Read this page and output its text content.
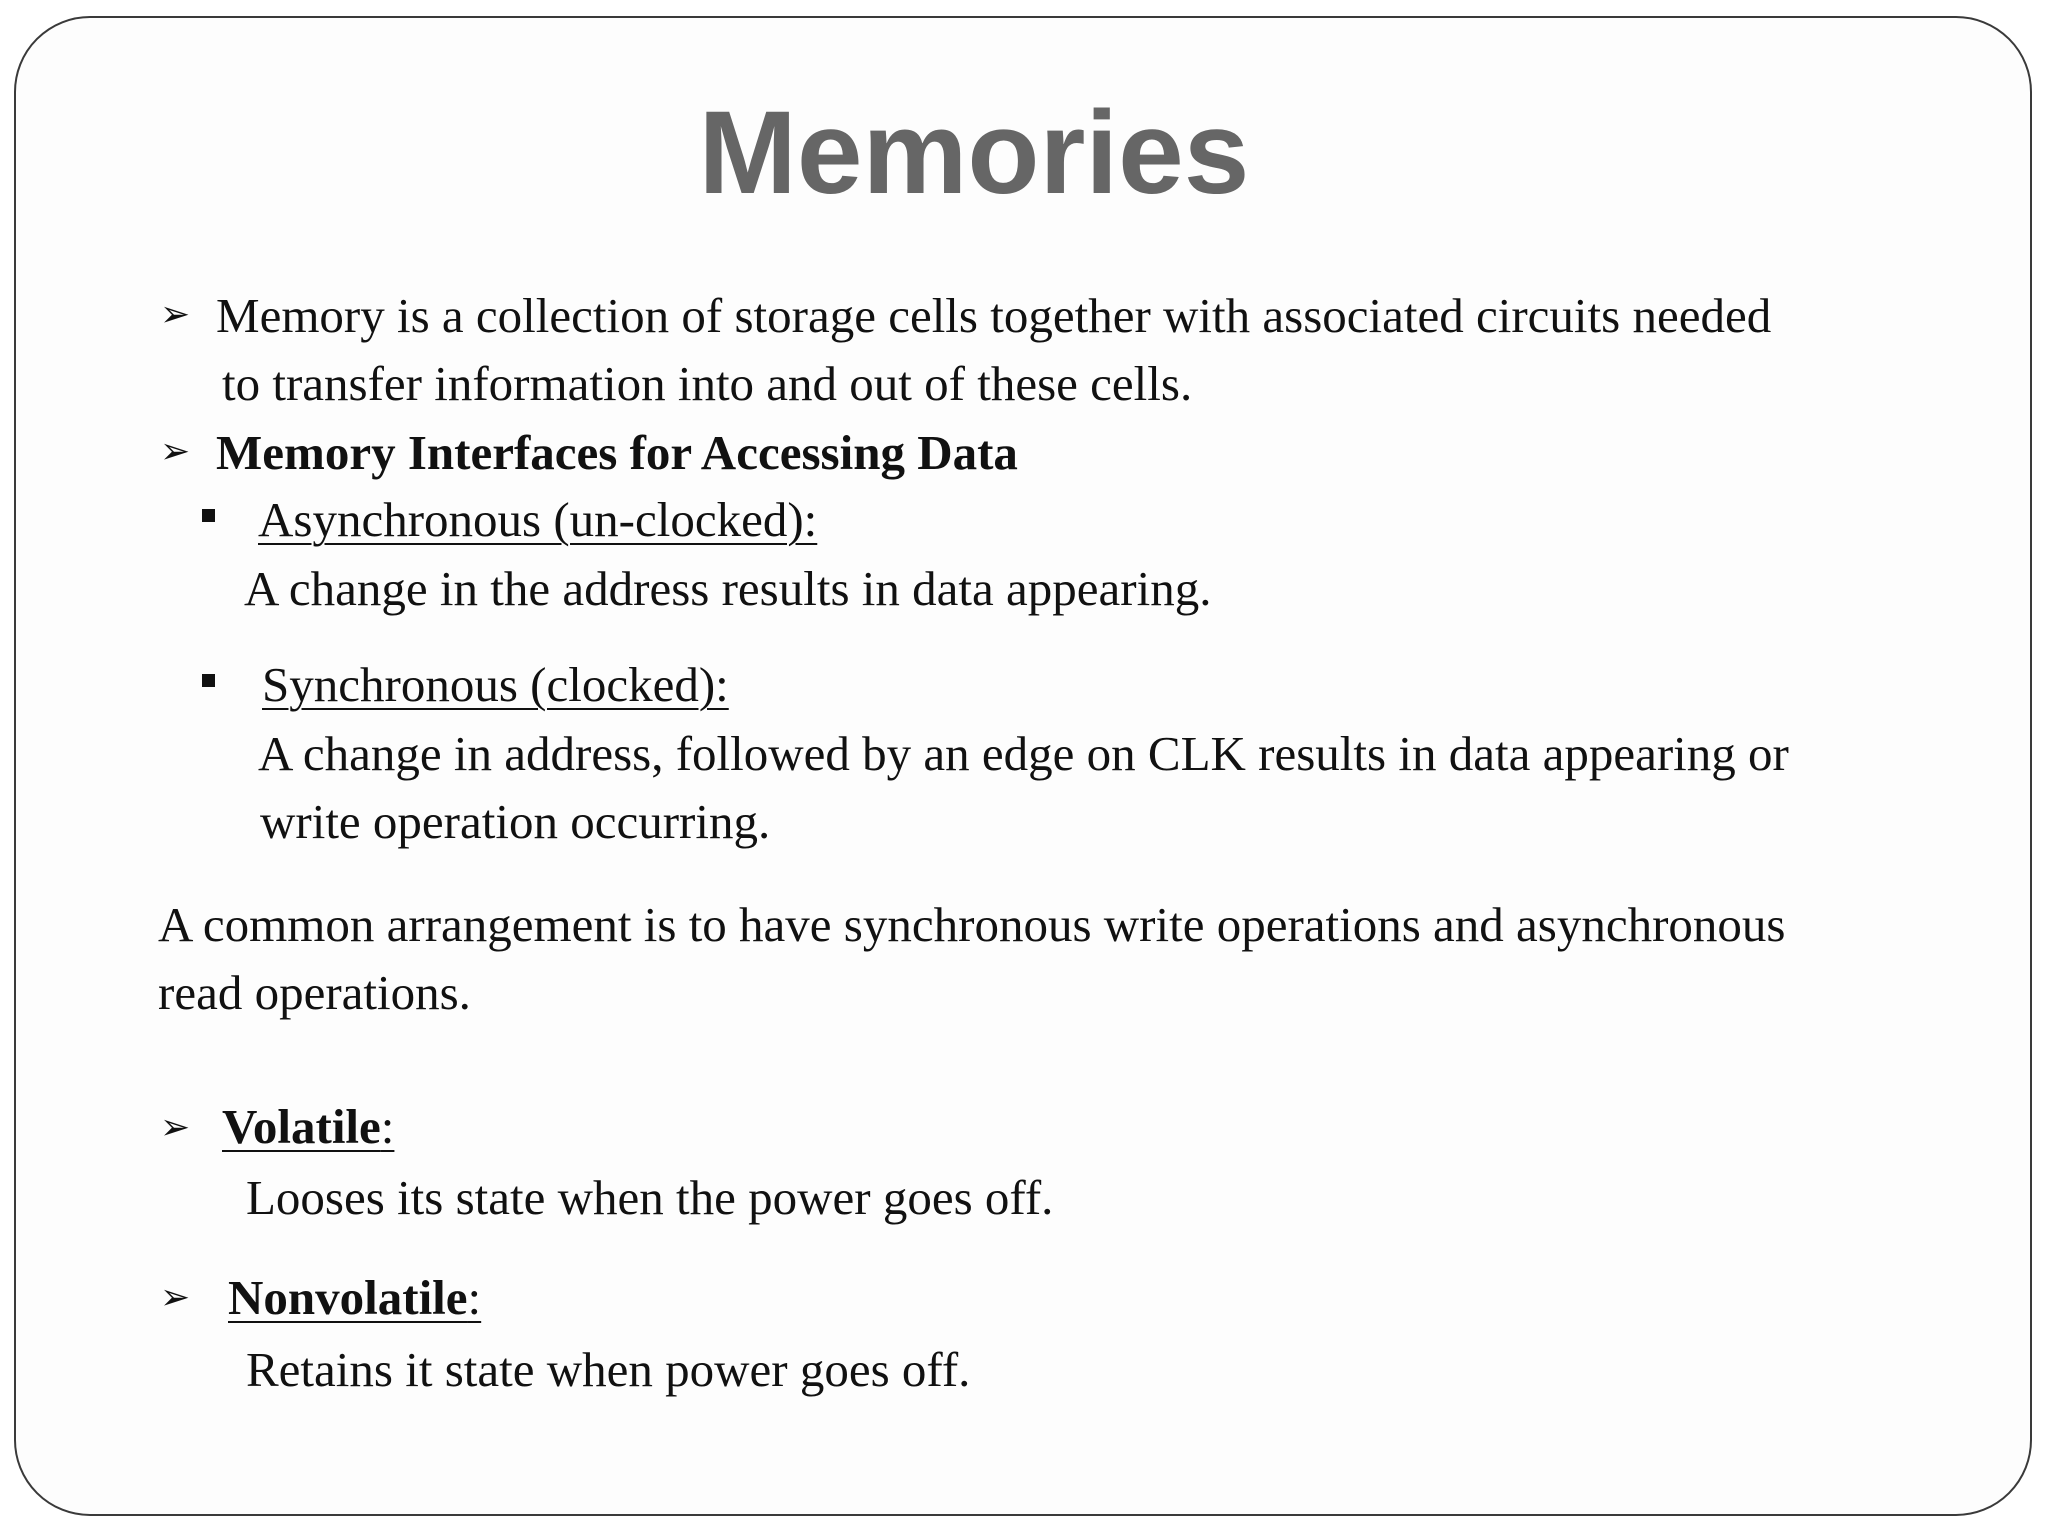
Memories
➢ Memory is a collection of storage cells together with associated circuits needed
to transfer information into and out of these cells.
➢ Memory Interfaces for Accessing Data
Asynchronous (un-clocked):
A change in the address results in data appearing.
Synchronous (clocked):
A change in address, followed by an edge on CLK results in data appearing or
write operation occurring.
A common arrangement is to have synchronous write operations and asynchronous
read operations.
➢ Volatile:
Looses its state when the power goes off.
➢ Nonvolatile:
Retains it state when power goes off.
